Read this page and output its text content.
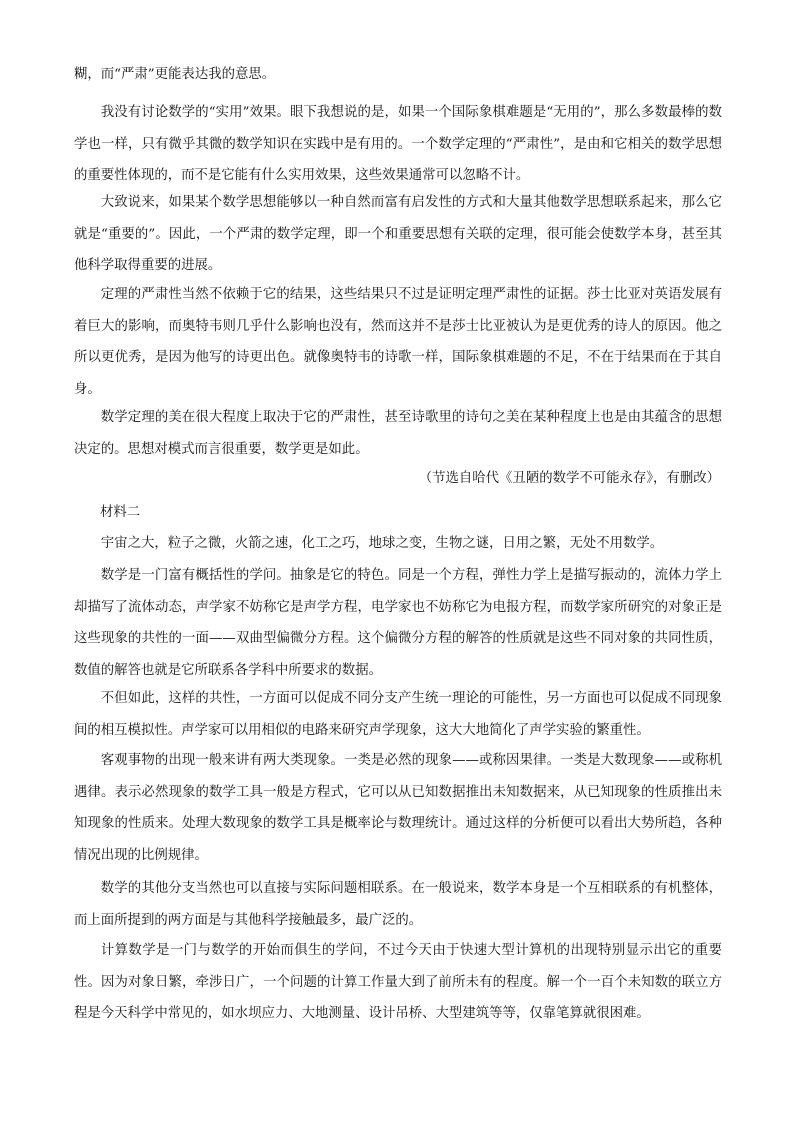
糊，而“严肃”更能表达我的意思。

我没有讨论数学的“实用”效果。眼下我想说的是，如果一个国际象棋难题是“无用的”，那么多数最棒的数学也一样，只有微乎其微的数学知识在实践中是有用的。一个数学定理的“严肃性”，是由和它相关的数学思想的重要性体现的，而不是它能有什么实用效果，这些效果通常可以忽略不计。

大致说来，如果某个数学思想能够以一种自然而富有启发性的方式和大量其他数学思想联系起来，那么它就是“重要的”。因此，一个严肃的数学定理，即一个和重要思想有关联的定理，很可能会使数学本身，甚至其他科学取得重要的进展。

定理的严肃性当然不依赖于它的结果，这些结果只不过是证明定理严肃性的证据。莎士比亚对英语发展有着巨大的影响，而奥特韦则几乎什么影响也没有，然而这并不是莎士比亚被认为是更优秀的诗人的原因。他之所以更优秀，是因为他写的诗更出色。就像奥特韦的诗歌一样，国际象棋难题的不足，不在于结果而在于其自身。

数学定理的美在很大程度上取决于它的严肃性，甚至诗歌里的诗句之美在某种程度上也是由其蕴含的思想决定的。思想对模式而言很重要，数学更是如此。

（节选自哈代《丑陋的数学不可能永存》，有删改）

材料二

宇宙之大，粒子之微，火箭之速，化工之巧，地球之变，生物之谜，日用之繁，无处不用数学。

数学是一门富有概括性的学问。抽象是它的特色。同是一个方程，弹性力学上是描写振动的，流体力学上却描写了流体动态，声学家不妨称它是声学方程，电学家也不妨称它为电报方程，而数学家所研究的对象正是这些现象的共性的一面——双曲型偏微分方程。这个偏微分方程的解答的性质就是这些不同对象的共同性质，数值的解答也就是它所联系各学科中所要求的数据。

不但如此，这样的共性，一方面可以促成不同分支产生统一理论的可能性，另一方面也可以促成不同现象间的相互模拟性。声学家可以用相似的电路来研究声学现象，这大大地简化了声学实验的繁重性。

客观事物的出现一般来讲有两大类现象。一类是必然的现象——或称因果律。一类是大数现象——或称机遇律。表示必然现象的数学工具一般是方程式，它可以从已知数据推出未知数据来，从已知现象的性质推出未知现象的性质来。处理大数现象的数学工具是概率论与数理统计。通过这样的分析便可以看出大势所趋，各种情况出现的比例规律。

数学的其他分支当然也可以直接与实际问题相联系。在一般说来，数学本身是一个互相联系的有机整体，而上面所提到的两方面是与其他科学接触最多，最广泛的。

计算数学是一门与数学的开始而俱生的学问，不过今天由于快速大型计算机的出现特别显示出它的重要性。因为对象日繁，牵涉日广，一个问题的计算工作量大到了前所未有的程度。解一个一百个未知数的联立方程是今天科学中常见的，如水坝应力、大地测量、设计吊桥、大型建筑等等，仅靠笔算就很困难。
